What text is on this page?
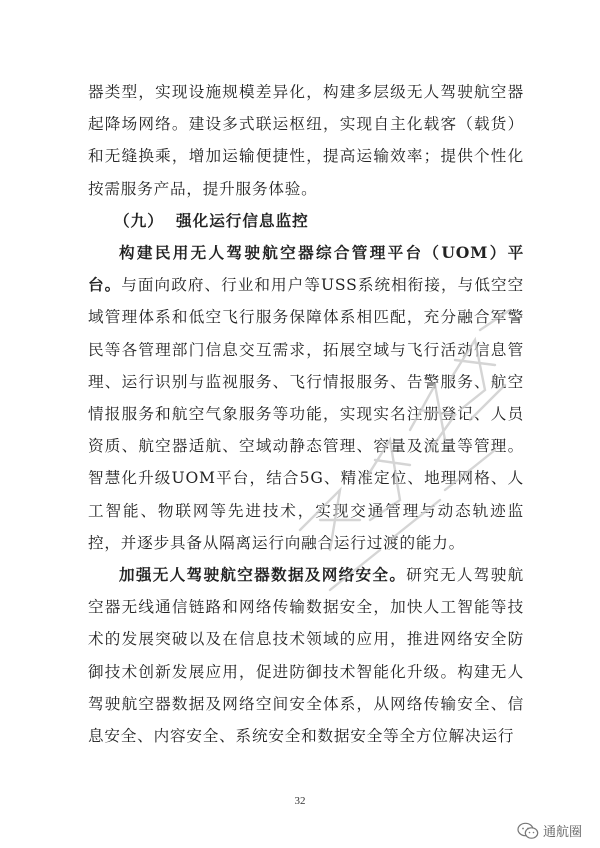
器类型，实现设施规模差异化，构建多层级无人驾驶航空器起降场网络。建设多式联运枢纽，实现自主化载客（载货）和无缝换乘，增加运输便捷性，提高运输效率；提供个性化按需服务产品，提升服务体验。

（九） 强化运行信息监控

构建民用无人驾驶航空器综合管理平台（UOM）平台。与面向政府、行业和用户等USS系统相衔接，与低空空域管理体系和低空飞行服务保障体系相匹配，充分融合军警民等各管理部门信息交互需求，拓展空域与飞行活动信息管理、运行识别与监视服务、飞行情报服务、告警服务、航空情报服务和航空气象服务等功能，实现实名注册登记、人员资质、航空器适航、空域动静态管理、容量及流量等管理。智慧化升级UOM平台，结合5G、精准定位、地理网格、人工智能、物联网等先进技术，实现交通管理与动态轨迹监控，并逐步具备从隔离运行向融合运行过渡的能力。

加强无人驾驶航空器数据及网络安全。研究无人驾驶航空器无线通信链路和网络传输数据安全，加快人工智能等技术的发展突破以及在信息技术领域的应用，推进网络安全防御技术创新发展应用，促进防御技术智能化升级。构建无人驾驶航空器数据及网络空间安全体系，从网络传输安全、信息安全、内容安全、系统安全和数据安全等全方位解决运行

32
通航圈
